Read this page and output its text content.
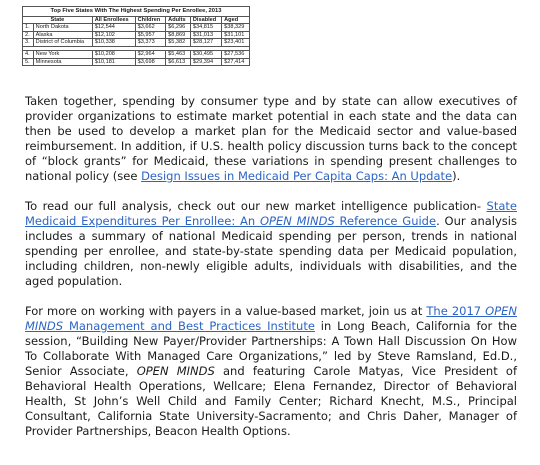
Top Five States With The Highest Spending Per Enrollee, 2013
State		All Enrollees	Children	Adults	Disabled	Aged
1.	North Dakota	$12,544	$3,662	$6,296	$34,815	$38,329
2.	Alaska	$12,102	$5,957	$8,869	$31,013	$31,101
3.	District of Columbia	$10,338	$3,373	$5,382	$28,127	$23,401

4.	New York	$10,208	$2,964	$5,463	$30,495	$27,536
5.	Minnesota	$10,181	$3,698	$6,613	$29,394	$27,414

Taken together, spending by consumer type and by state can allow executives of provider organizations to estimate market potential in each state and the data can then be used to develop a market plan for the Medicaid sector and value-based reimbursement. In addition, if U.S. health policy discussion turns back to the concept of “block grants” for Medicaid, these variations in spending present challenges to national policy (see Design Issues in Medicaid Per Capita Caps: An Update).

To read our full analysis, check out our new market intelligence publication- State Medicaid Expenditures Per Enrollee: An OPEN MINDS Reference Guide. Our analysis includes a summary of national Medicaid spending per person, trends in national spending per enrollee, and state-by-state spending data per Medicaid population, including children, non-newly eligible adults, individuals with disabilities, and the aged population.

For more on working with payers in a value-based market, join us at The 2017 OPEN MINDS Management and Best Practices Institute in Long Beach, California for the session, “Building New Payer/Provider Partnerships: A Town Hall Discussion On How To Collaborate With Managed Care Organizations,” led by Steve Ramsland, Ed.D., Senior Associate, OPEN MINDS and featuring Carole Matyas, Vice President of Behavioral Health Operations, Wellcare; Elena Fernandez, Director of Behavioral Health, St John’s Well Child and Family Center; Richard Knecht, M.S., Principal Consultant, California State University-Sacramento; and Chris Daher, Manager of Provider Partnerships, Beacon Health Options.
